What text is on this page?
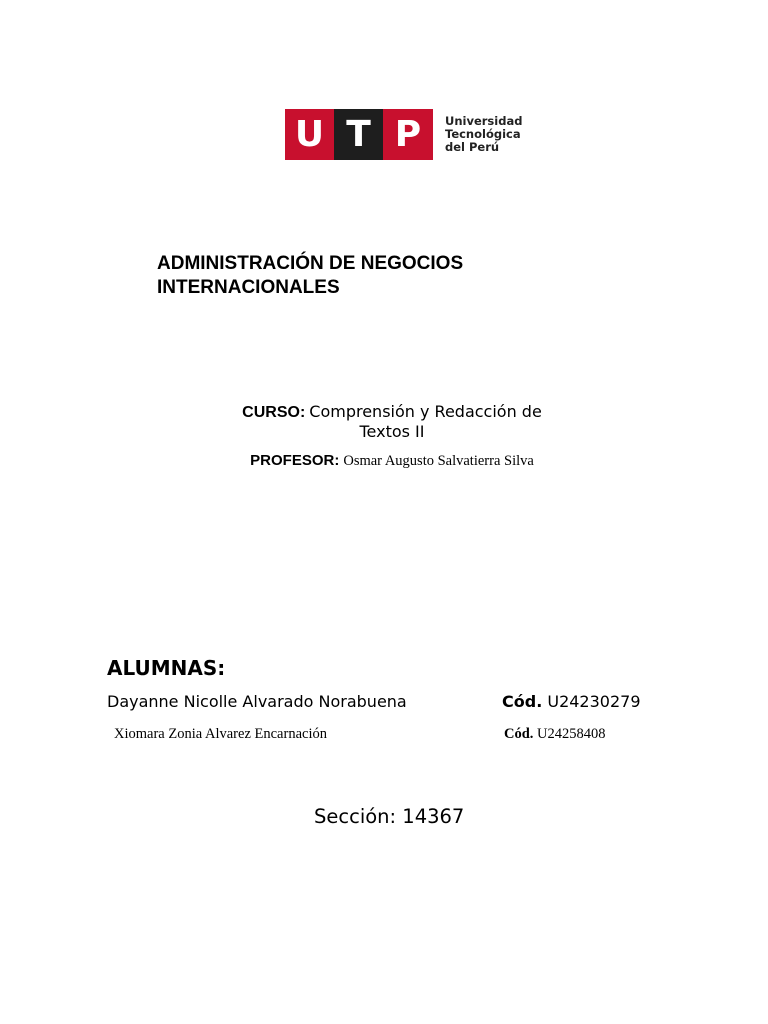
U T P	Universidad
Tecnológica
del Perú
ADMINISTRACIÓN DE NEGOCIOS
INTERNACIONALES
CURSO: Comprensión y Redacción de Textos II
PROFESOR: Osmar Augusto Salvatierra Silva
ALUMNAS:
Dayanne Nicolle Alvarado Norabuena	Cód. U24230279
Xiomara Zonia Alvarez Encarnación	Cód. U24258408
Sección: 14367
